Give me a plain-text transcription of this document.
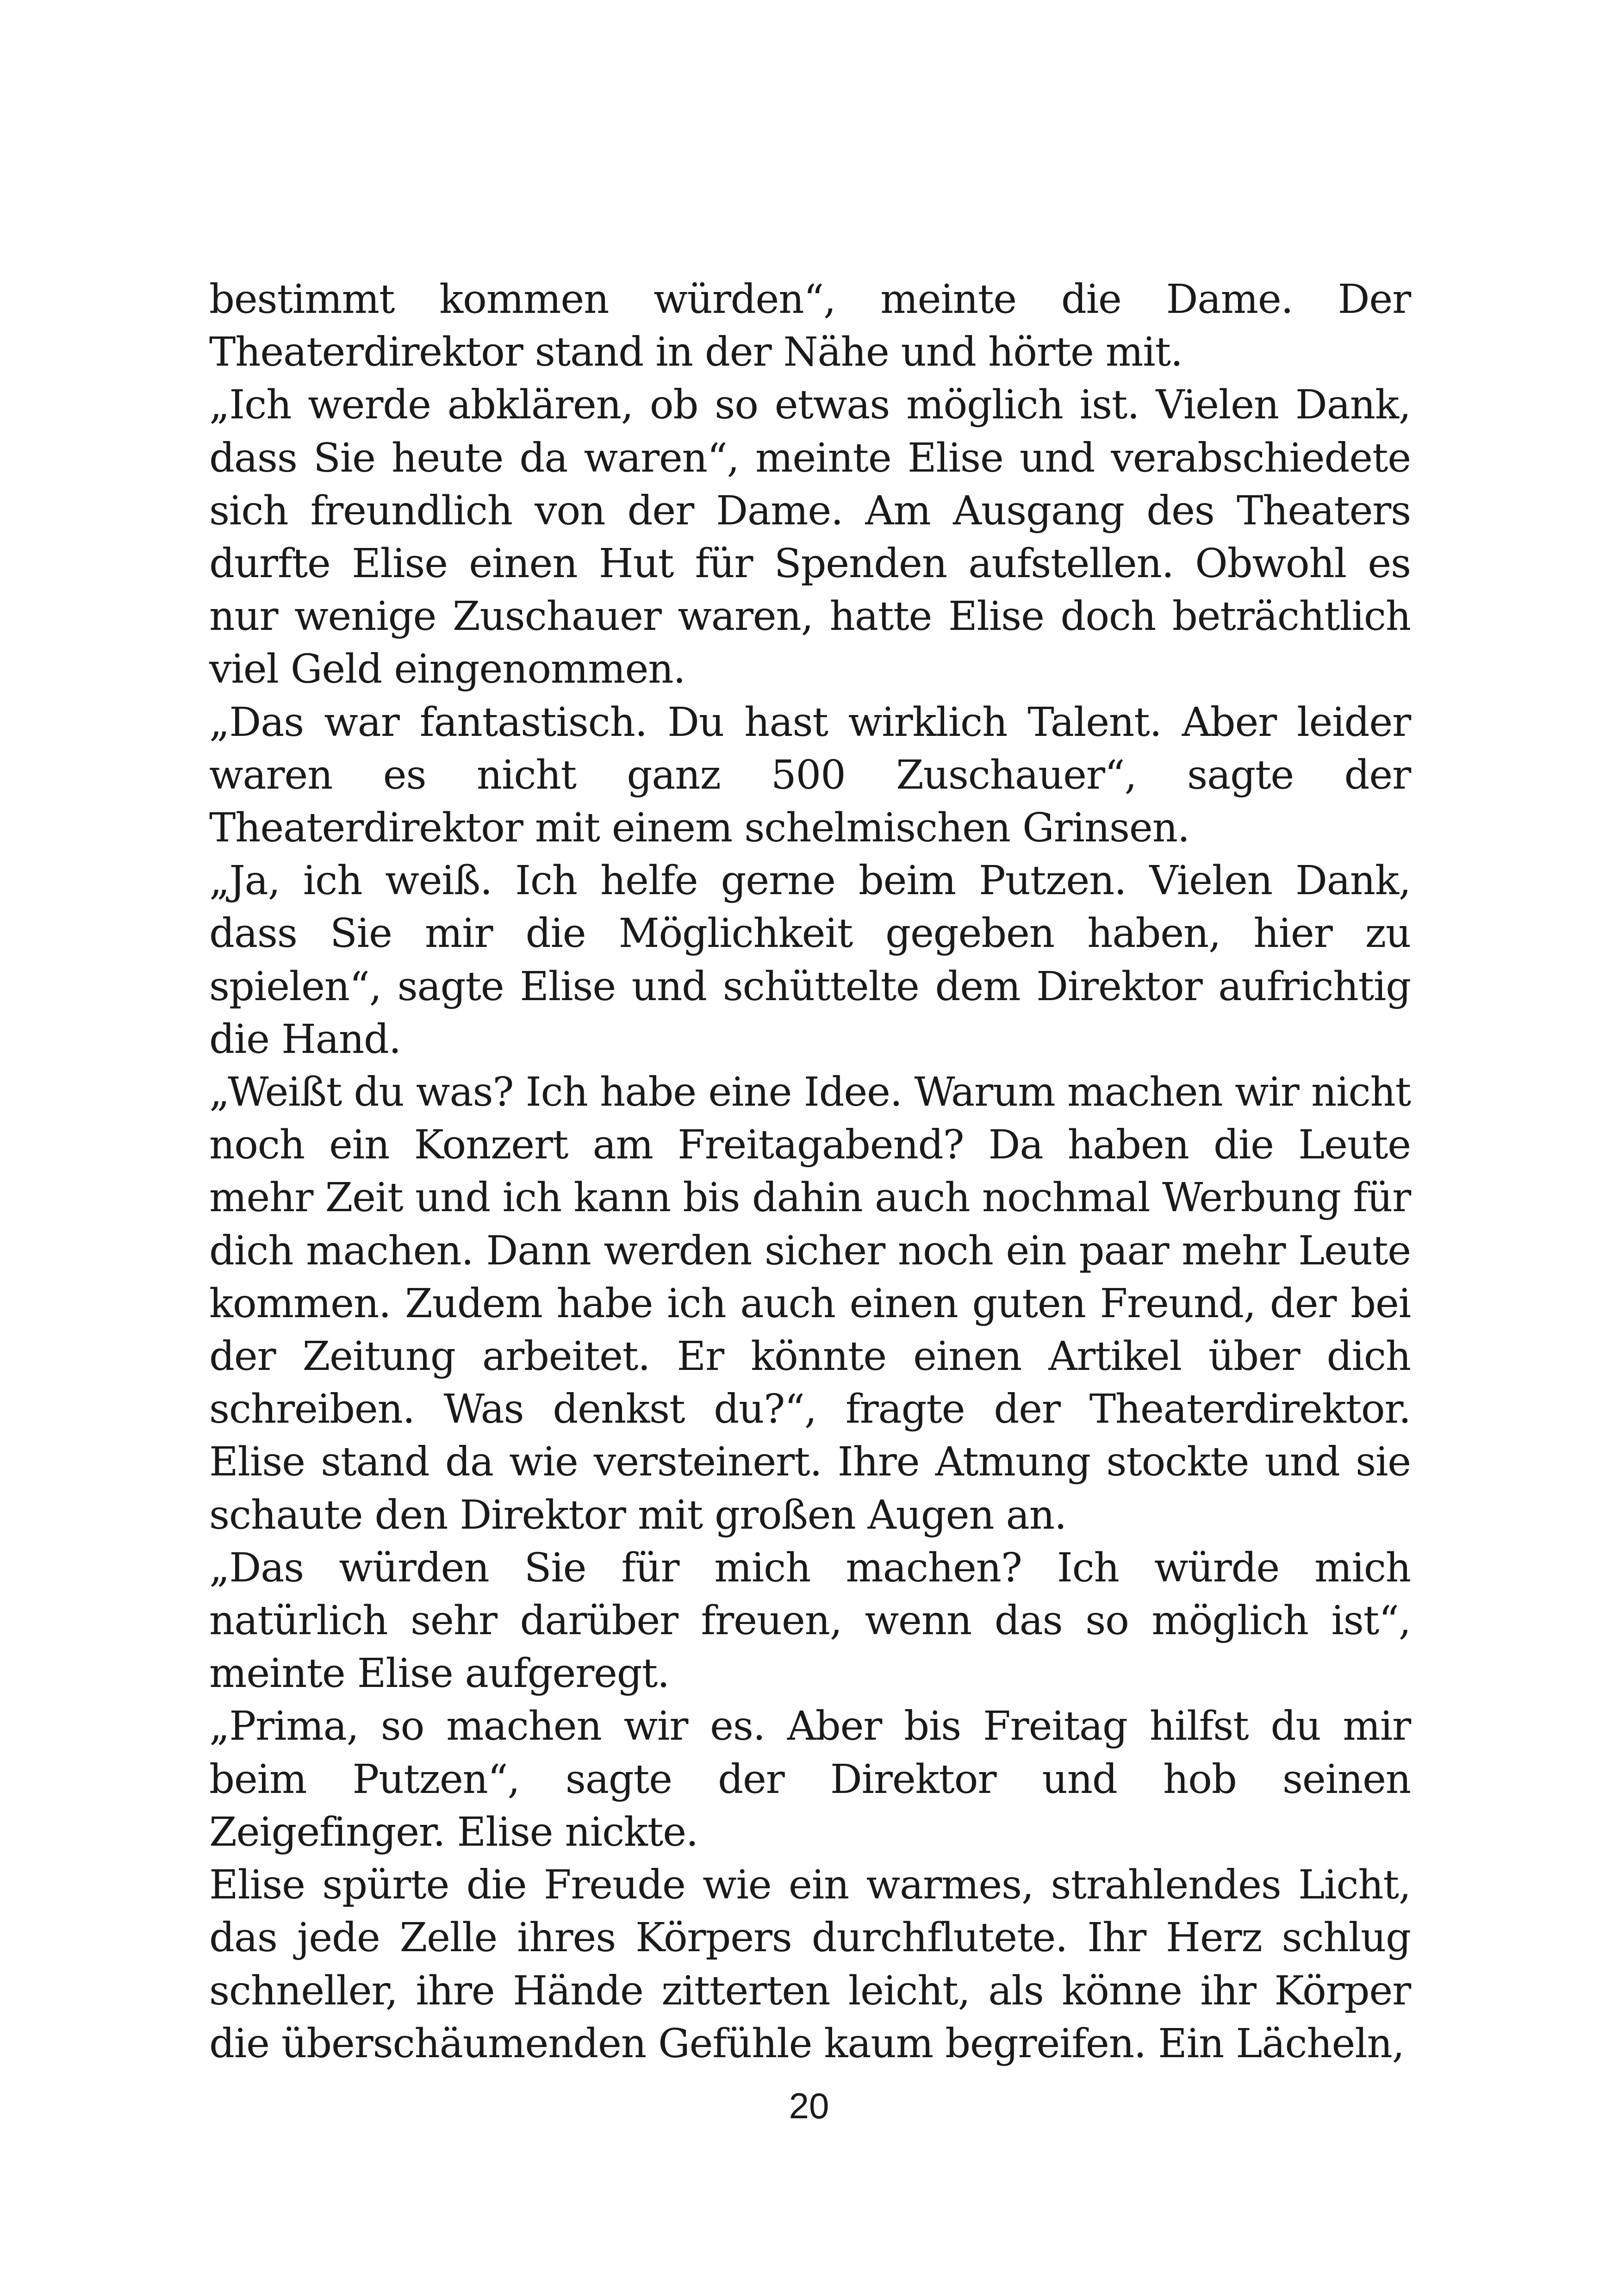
bestimmt kommen würden“, meinte die Dame. Der Theaterdirektor stand in der Nähe und hörte mit.

„Ich werde abklären, ob so etwas möglich ist. Vielen Dank, dass Sie heute da waren“, meinte Elise und verabschiedete sich freundlich von der Dame. Am Ausgang des Theaters durfte Elise einen Hut für Spenden aufstellen. Obwohl es nur wenige Zuschauer waren, hatte Elise doch beträchtlich viel Geld eingenommen.

„Das war fantastisch. Du hast wirklich Talent. Aber leider waren es nicht ganz 500 Zuschauer“, sagte der Theaterdirektor mit einem schelmischen Grinsen.

„Ja, ich weiß. Ich helfe gerne beim Putzen. Vielen Dank, dass Sie mir die Möglichkeit gegeben haben, hier zu spielen“, sagte Elise und schüttelte dem Direktor aufrichtig die Hand.

„Weißt du was? Ich habe eine Idee. Warum machen wir nicht noch ein Konzert am Freitagabend? Da haben die Leute mehr Zeit und ich kann bis dahin auch nochmal Werbung für dich machen. Dann werden sicher noch ein paar mehr Leute kommen. Zudem habe ich auch einen guten Freund, der bei der Zeitung arbeitet. Er könnte einen Artikel über dich schreiben. Was denkst du?“, fragte der Theaterdirektor. Elise stand da wie versteinert. Ihre Atmung stockte und sie schaute den Direktor mit großen Augen an.

„Das würden Sie für mich machen? Ich würde mich natürlich sehr darüber freuen, wenn das so möglich ist“, meinte Elise aufgeregt.

„Prima, so machen wir es. Aber bis Freitag hilfst du mir beim Putzen“, sagte der Direktor und hob seinen Zeigefinger. Elise nickte.

Elise spürte die Freude wie ein warmes, strahlendes Licht, das jede Zelle ihres Körpers durchflutete. Ihr Herz schlug schneller, ihre Hände zitterten leicht, als könne ihr Körper die überschäumenden Gefühle kaum begreifen. Ein Lächeln,

20
